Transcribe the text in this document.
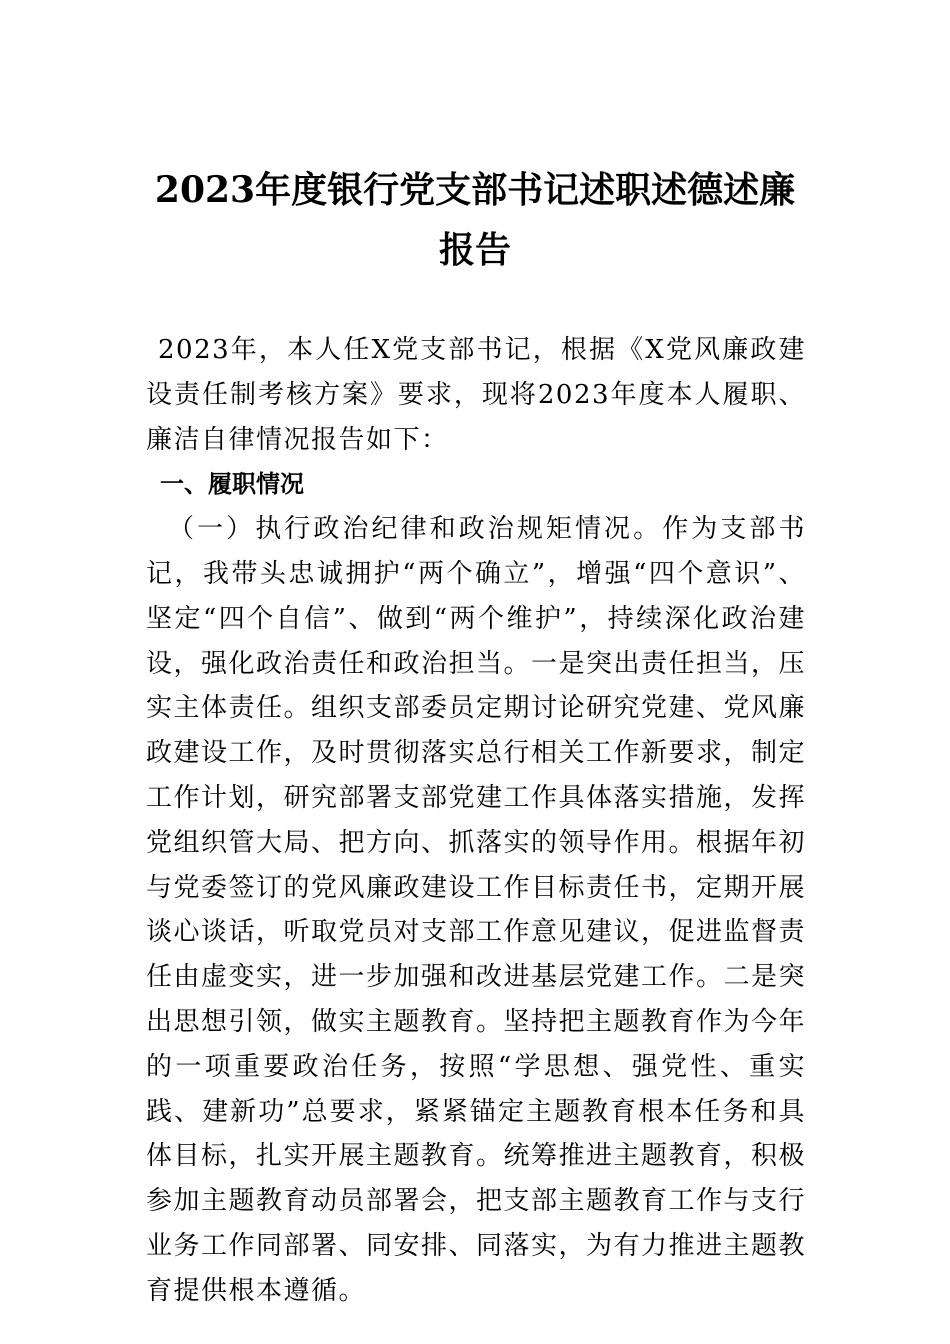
2023年度银行党支部书记述职述德述廉报告

2023年，本人任X党支部书记，根据《X党风廉政建设责任制考核方案》要求，现将2023年度本人履职、廉洁自律情况报告如下：

一、履职情况

（一）执行政治纪律和政治规矩情况。作为支部书记，我带头忠诚拥护“两个确立”，增强“四个意识”、坚定“四个自信”、做到“两个维护”，持续深化政治建设，强化政治责任和政治担当。一是突出责任担当，压实主体责任。组织支部委员定期讨论研究党建、党风廉政建设工作，及时贯彻落实总行相关工作新要求，制定工作计划，研究部署支部党建工作具体落实措施，发挥党组织管大局、把方向、抓落实的领导作用。根据年初与党委签订的党风廉政建设工作目标责任书，定期开展谈心谈话，听取党员对支部工作意见建议，促进监督责任由虚变实，进一步加强和改进基层党建工作。二是突出思想引领，做实主题教育。坚持把主题教育作为今年的一项重要政治任务，按照“学思想、强党性、重实践、建新功”总要求，紧紧锚定主题教育根本任务和具体目标，扎实开展主题教育。统筹推进主题教育，积极参加主题教育动员部署会，把支部主题教育工作与支行业务工作同部署、同安排、同落实，为有力推进主题教育提供根本遵循。
